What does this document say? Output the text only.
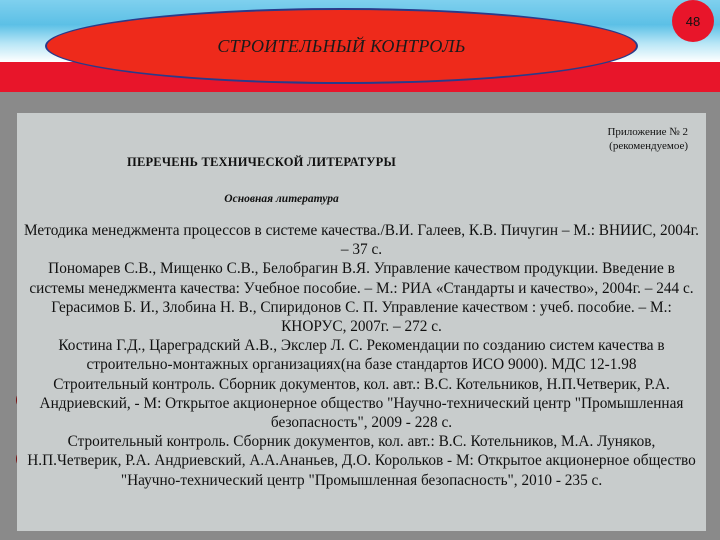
СТРОИТЕЛЬНЫЙ КОНТРОЛЬ
48
Приложение № 2
(рекомендуемое)
ПЕРЕЧЕНЬ ТЕХНИЧЕСКОЙ ЛИТЕРАТУРЫ
Основная литература

Методика менеджмента процессов в системе качества./В.И. Галеев, К.В. Пичугин – М.: ВНИИС, 2004г. – 37 с.

Пономарев С.В., Мищенко С.В., Белобрагин В.Я. Управление качеством продукции. Введение в системы менеджмента качества: Учебное пособие. – М.: РИА «Стандарты и качество», 2004г. – 244 с.

Герасимов Б. И., Злобина Н. В., Спиридонов С. П. Управление качеством : учеб. пособие. – М.: КНОРУС, 2007г. – 272 с.

Костина Г.Д., Цареградский А.В., Экслер Л. С. Рекомендации по созданию систем качества в строительно-монтажных организациях(на базе стандартов ИСО 9000). МДС 12-1.98

Строительный контроль. Сборник документов, кол. авт.: В.С. Котельников, Н.П.Четверик, Р.А. Андриевский, - М: Открытое акционерное общество "Научно-технический центр "Промышленная безопасность", 2009 - 228 с.

Строительный контроль. Сборник документов, кол. авт.: В.С. Котельников, М.А. Луняков, Н.П.Четверик, Р.А. Андриевский, А.А.Ананьев, Д.О. Корольков - М: Открытое акционерное общество "Научно-технический центр "Промышленная безопасность", 2010 - 235 с.
